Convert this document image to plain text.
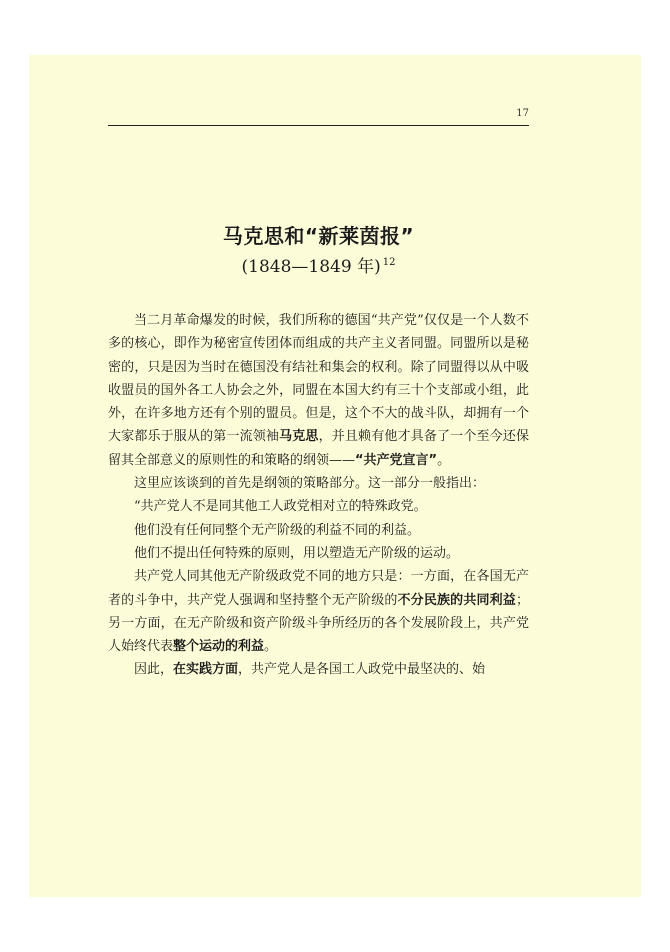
17
马克思和“新莱茵报”
(1848—1849 年) $^{12}$

当二月革命爆发的时候，我们所称的德国“共产党”仅仅是一个人数不多的核心，即作为秘密宣传团体而组成的共产主义者同盟。同盟所以是秘密的，只是因为当时在德国没有结社和集会的权利。除了同盟得以从中吸收盟员的国外各工人协会之外，同盟在本国大约有三十个支部或小组，此外，在许多地方还有个别的盟员。但是，这个不大的战斗队，却拥有一个大家都乐于服从的第一流领袖马克思，并且赖有他才具备了一个至今还保留其全部意义的原则性的和策略的纲领——“共产党宣言”。

这里应该谈到的首先是纲领的策略部分。这一部分一般指出：

“共产党人不是同其他工人政党相对立的特殊政党。

他们没有任何同整个无产阶级的利益不同的利益。

他们不提出任何特殊的原则，用以塑造无产阶级的运动。

共产党人同其他无产阶级政党不同的地方只是：一方面，在各国无产者的斗争中，共产党人强调和坚持整个无产阶级的不分民族的共同利益；另一方面，在无产阶级和资产阶级斗争所经历的各个发展阶段上，共产党人始终代表整个运动的利益。

因此，在实践方面，共产党人是各国工人政党中最坚决的、始
